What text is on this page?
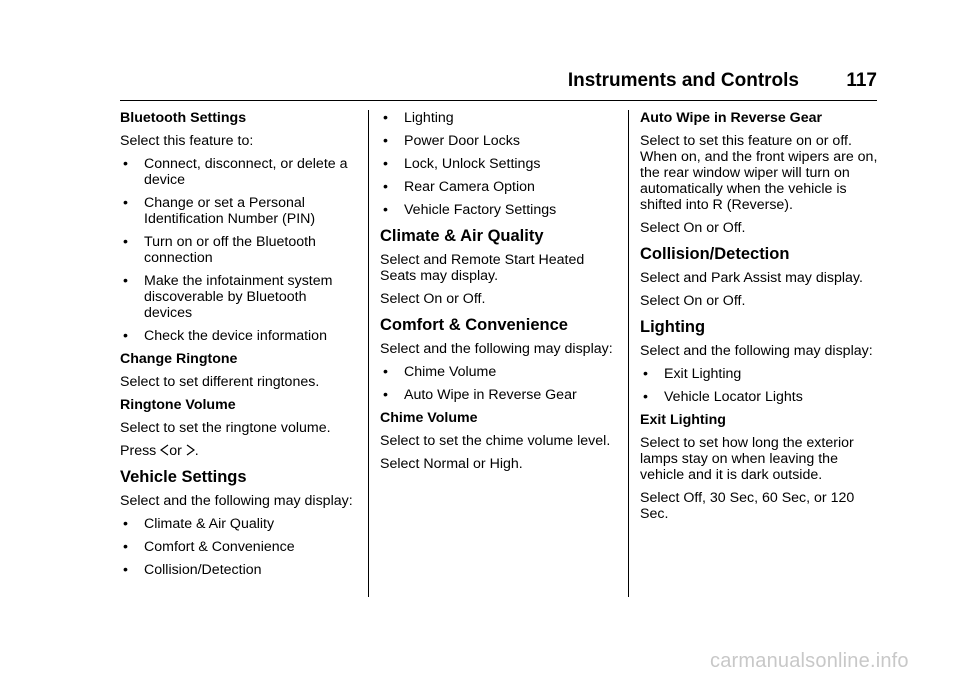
Instruments and Controls 117
Bluetooth Settings
Select this feature to:
• Connect, disconnect, or delete a device
• Change or set a Personal Identification Number (PIN)
• Turn on or off the Bluetooth connection
• Make the infotainment system discoverable by Bluetooth devices
• Check the device information
Change Ringtone
Select to set different ringtones.
Ringtone Volume
Select to set the ringtone volume.
Press or .
Vehicle Settings
Select and the following may display:
• Climate & Air Quality
• Comfort & Convenience
• Collision/Detection
• Lighting
• Power Door Locks
• Lock, Unlock Settings
• Rear Camera Option
• Vehicle Factory Settings
Climate & Air Quality
Select and Remote Start Heated Seats may display.
Select On or Off.
Comfort & Convenience
Select and the following may display:
• Chime Volume
• Auto Wipe in Reverse Gear
Chime Volume
Select to set the chime volume level.
Select Normal or High.
Auto Wipe in Reverse Gear
Select to set this feature on or off. When on, and the front wipers are on, the rear window wiper will turn on automatically when the vehicle is shifted into R (Reverse).
Select On or Off.
Collision/Detection
Select and Park Assist may display.
Select On or Off.
Lighting
Select and the following may display:
• Exit Lighting
• Vehicle Locator Lights
Exit Lighting
Select to set how long the exterior lamps stay on when leaving the vehicle and it is dark outside.
Select Off, 30 Sec, 60 Sec, or 120 Sec.
carmanualsonline.info
